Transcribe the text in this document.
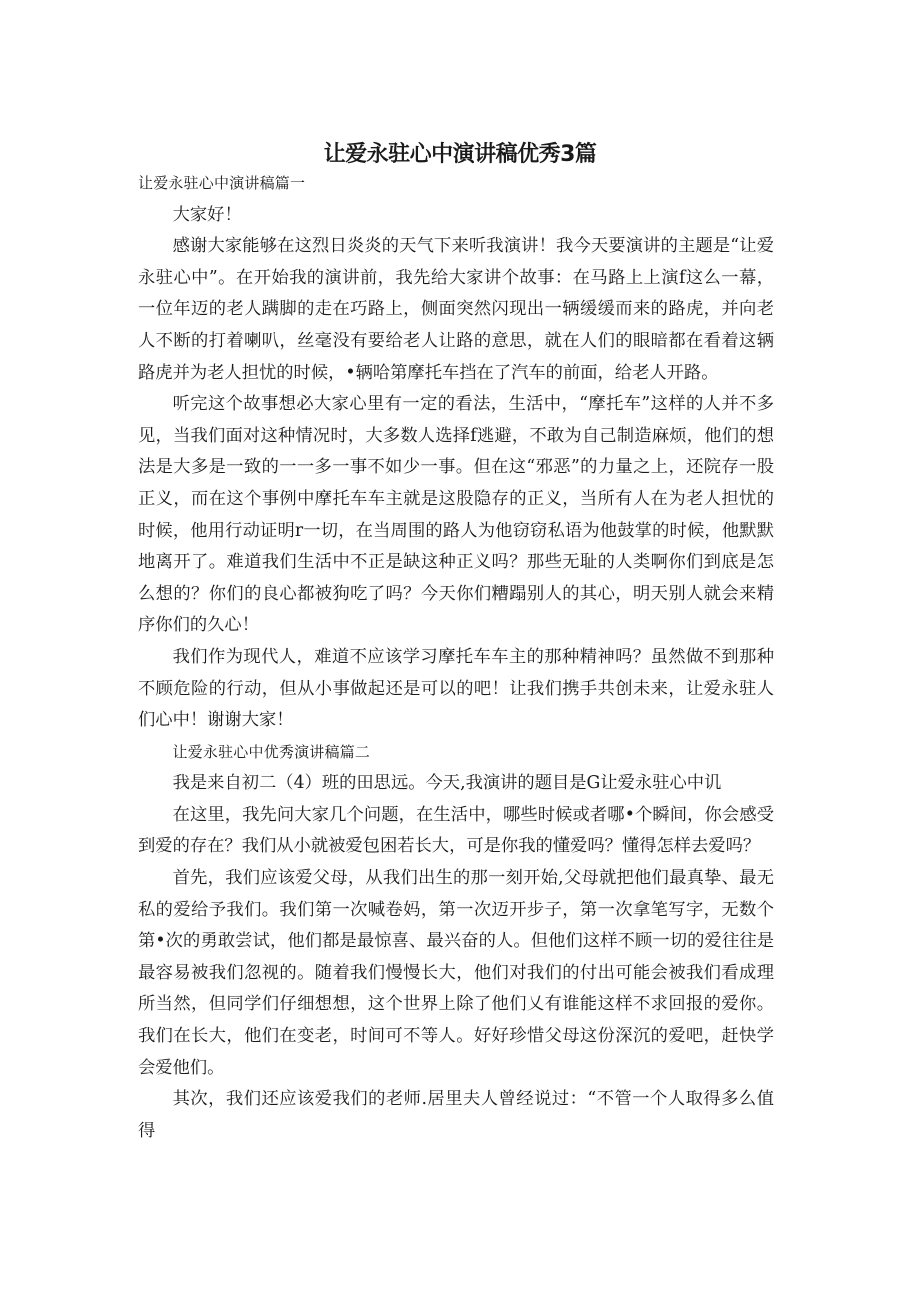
让爱永驻心中演讲稿优秀3篇

让爱永驻心中演讲稿篇一

大家好！

感谢大家能够在这烈日炎炎的天气下来听我演讲！我今天要演讲的主题是“让爱永驻心中”。在开始我的演讲前，我先给大家讲个故事：在马路上上演f这么一幕，一位年迈的老人蹒脚的走在巧路上，侧面突然闪现出一辆缓缓而来的路虎，并向老人不断的打着喇叭，丝毫没有要给老人让路的意思，就在人们的眼暗都在看着这辆路虎并为老人担忧的时候，•辆哈第摩托车挡在了汽车的前面，给老人开路。

听完这个故事想必大家心里有一定的看法，生活中，“摩托车”这样的人并不多见，当我们面对这种情况时，大多数人选择f逃避，不敢为自己制造麻烦，他们的想法是大多是一致的一一多一事不如少一事。但在这“邪恶”的力量之上，还院存一股正义，而在这个事例中摩托车车主就是这股隐存的正义，当所有人在为老人担忧的时候，他用行动证明r一切，在当周围的路人为他窃窃私语为他鼓掌的时候，他默默地离开了。难道我们生活中不正是缺这种正义吗？那些无耻的人类啊你们到底是怎么想的？你们的良心都被狗吃了吗？今天你们糟蹋别人的其心，明天别人就会来精序你们的久心！

我们作为现代人，难道不应该学习摩托车车主的那种精神吗？虽然做不到那种不顾危险的行动，但从小事做起还是可以的吧！让我们携手共创未来，让爱永驻人们心中！谢谢大家！

让爱永驻心中优秀演讲稿篇二

我是来自初二（4）班的田思远。今天,我演讲的题目是G让爱永驻心中讥

在这里，我先问大家几个问题，在生活中，哪些时候或者哪•个瞬间，你会感受到爱的存在？我们从小就被爱包困若长大，可是你我的懂爱吗？懂得怎样去爱吗？

首先，我们应该爱父母，从我们出生的那一刻开始,父母就把他们最真挚、最无私的爱给予我们。我们第一次喊卷妈，第一次迈开步子，第一次拿笔写字，无数个第•次的勇敢尝试，他们都是最惊喜、最兴奋的人。但他们这样不顾一切的爱往往是最容易被我们忽视的。随着我们慢慢长大，他们对我们的付出可能会被我们看成理所当然，但同学们仔细想想，这个世界上除了他们乂有谁能这样不求回报的爱你。我们在长大，他们在变老，时间可不等人。好好珍惜父母这份深沉的爱吧，赶快学会爱他们。

其次，我们还应该爱我们的老师.居里夫人曾经说过：“不管一个人取得多么值得
